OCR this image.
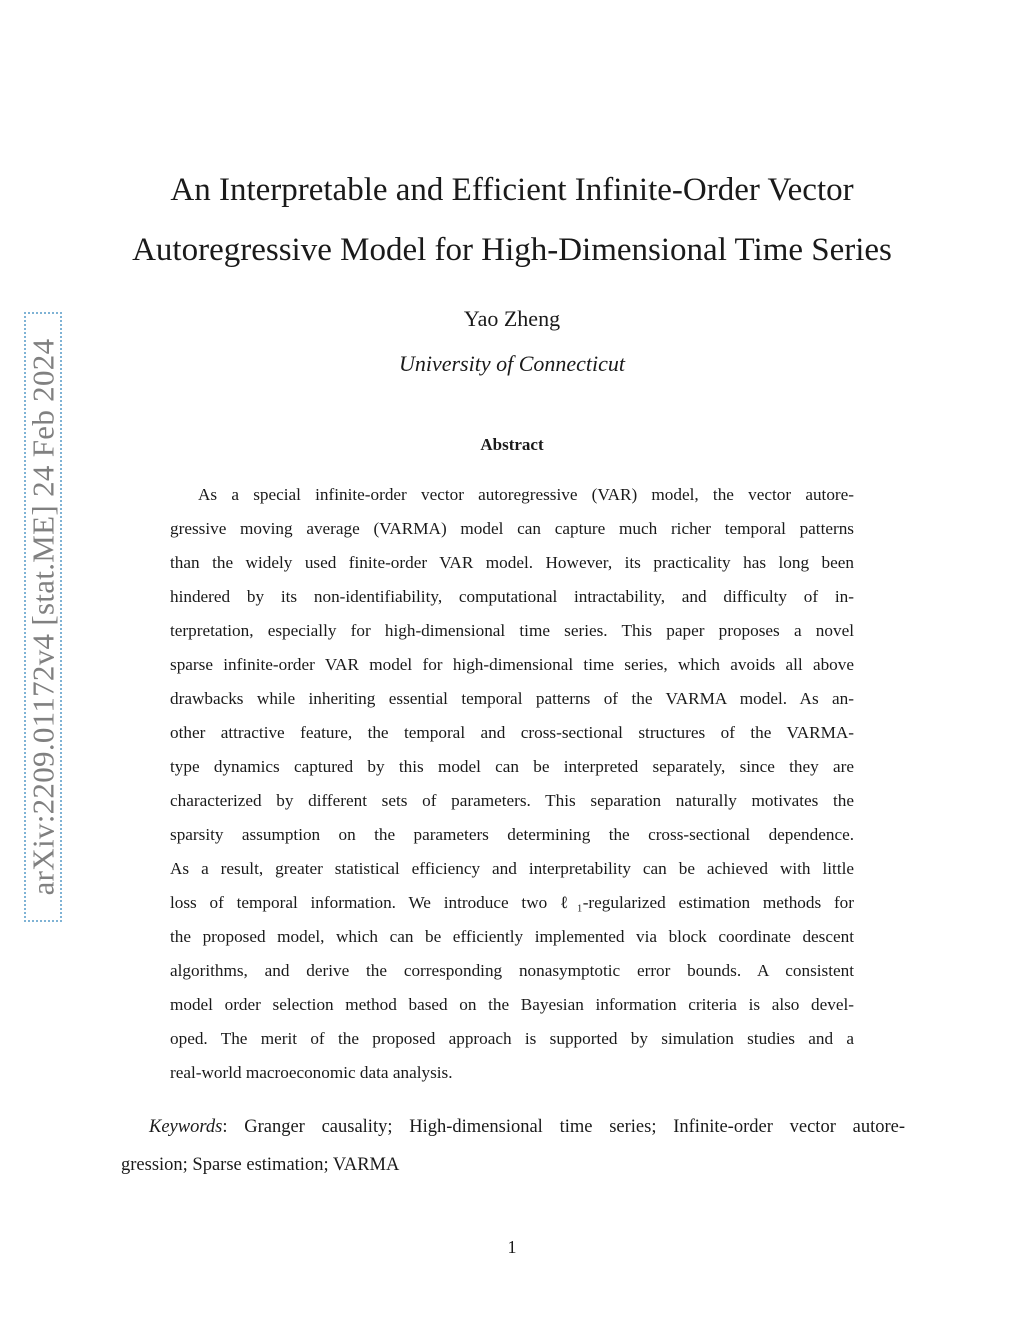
arXiv:2209.01172v4 [stat.ME] 24 Feb 2024
An Interpretable and Efficient Infinite-Order Vector
Autoregressive Model for High-Dimensional Time Series
Yao Zheng
University of Connecticut
Abstract
As a special infinite-order vector autoregressive (VAR) model, the vector autore-
gressive moving average (VARMA) model can capture much richer temporal patterns
than the widely used finite-order VAR model. However, its practicality has long been
hindered by its non-identifiability, computational intractability, and difficulty of in-
terpretation, especially for high-dimensional time series. This paper proposes a novel
sparse infinite-order VAR model for high-dimensional time series, which avoids all above
drawbacks while inheriting essential temporal patterns of the VARMA model. As an-
other attractive feature, the temporal and cross-sectional structures of the VARMA-
type dynamics captured by this model can be interpreted separately, since they are
characterized by different sets of parameters. This separation naturally motivates the
sparsity assumption on the parameters determining the cross-sectional dependence.
As a result, greater statistical efficiency and interpretability can be achieved with little
loss of temporal information. We introduce two ℓ₁-regularized estimation methods for
the proposed model, which can be efficiently implemented via block coordinate descent
algorithms, and derive the corresponding nonasymptotic error bounds. A consistent
model order selection method based on the Bayesian information criteria is also devel-
oped. The merit of the proposed approach is supported by simulation studies and a
real-world macroeconomic data analysis.
Keywords: Granger causality; High-dimensional time series; Infinite-order vector autore-
gression; Sparse estimation; VARMA
1
